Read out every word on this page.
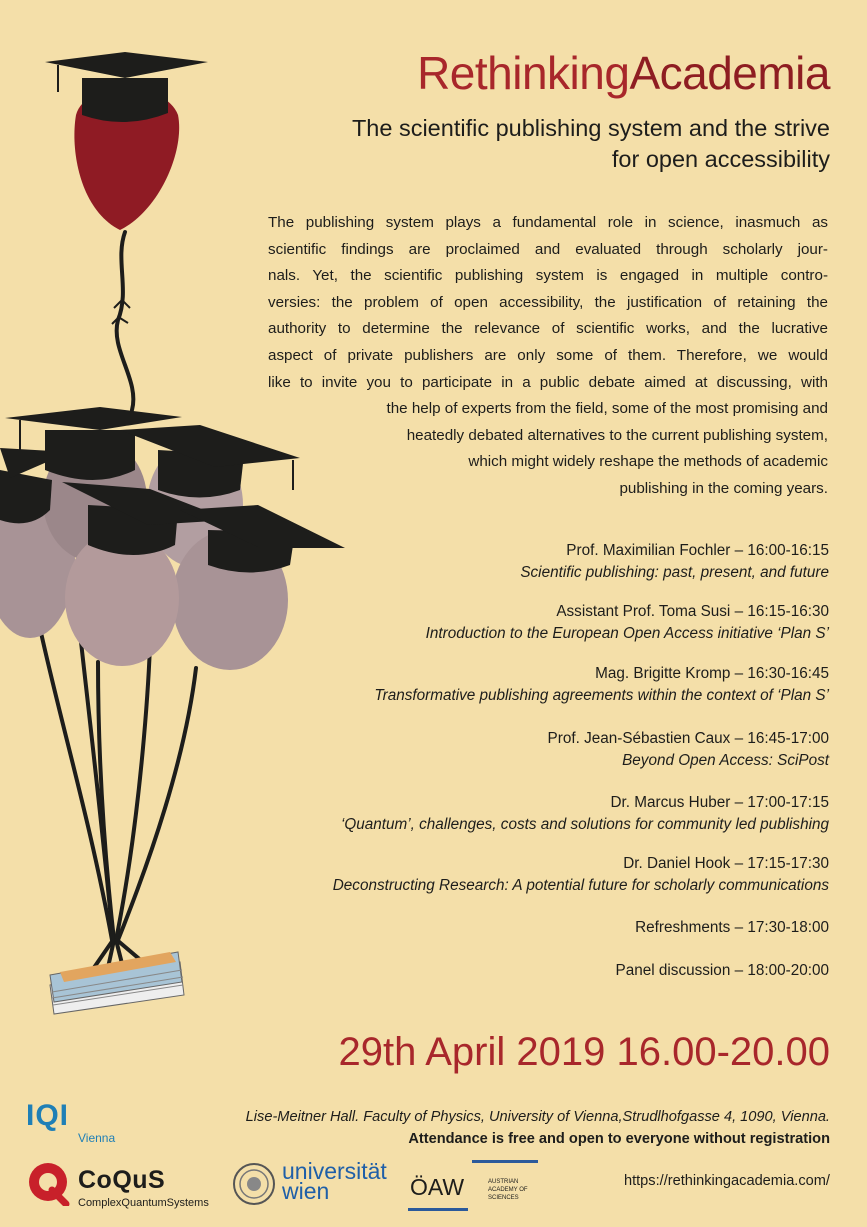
RethinkingAcademia
The scientific publishing system and the strive
for open accessibility
The publishing system plays a fundamental role in science, inasmuch as
scientific findings are proclaimed and evaluated through scholarly jour-
nals. Yet, the scientific publishing system is engaged in multiple contro-
versies: the problem of open accessibility, the justification of retaining the
authority to determine the relevance of scientific works, and the lucrative
aspect of private publishers are only some of them. Therefore, we would
like to invite you to participate in a public debate aimed at discussing, with
the help of experts from the field, some of the most promising and
heatedly debated alternatives to the current publishing system,
which might widely reshape the methods of academic
publishing in the coming years.
Prof. Maximilian Fochler – 16:00-16:15
Scientific publishing: past, present, and future
Assistant Prof. Toma Susi – 16:15-16:30
Introduction to the European Open Access initiative ‘Plan S’
Mag. Brigitte Kromp – 16:30-16:45
Transformative publishing agreements within the context of ‘Plan S’
Prof. Jean-Sébastien Caux – 16:45-17:00
Beyond Open Access: SciPost
Dr. Marcus Huber – 17:00-17:15
‘Quantum’, challenges, costs and solutions for community led publishing
Dr. Daniel Hook – 17:15-17:30
Deconstructing Research: A potential future for scholarly communications
Refreshments – 17:30-18:00
Panel discussion – 18:00-20:00
29th April 2019 16.00-20.00
Lise-Meitner Hall. Faculty of Physics, University of Vienna,Strudlhofgasse 4, 1090, Vienna.
Attendance is free and open to everyone without registration
https://rethinkingacademia.com/
IQI
Vienna
CoQuS
ComplexQuantumSystems
universität
wien	ÖAW	AUSTRIAN
ACADEMY OF
SCIENCES
